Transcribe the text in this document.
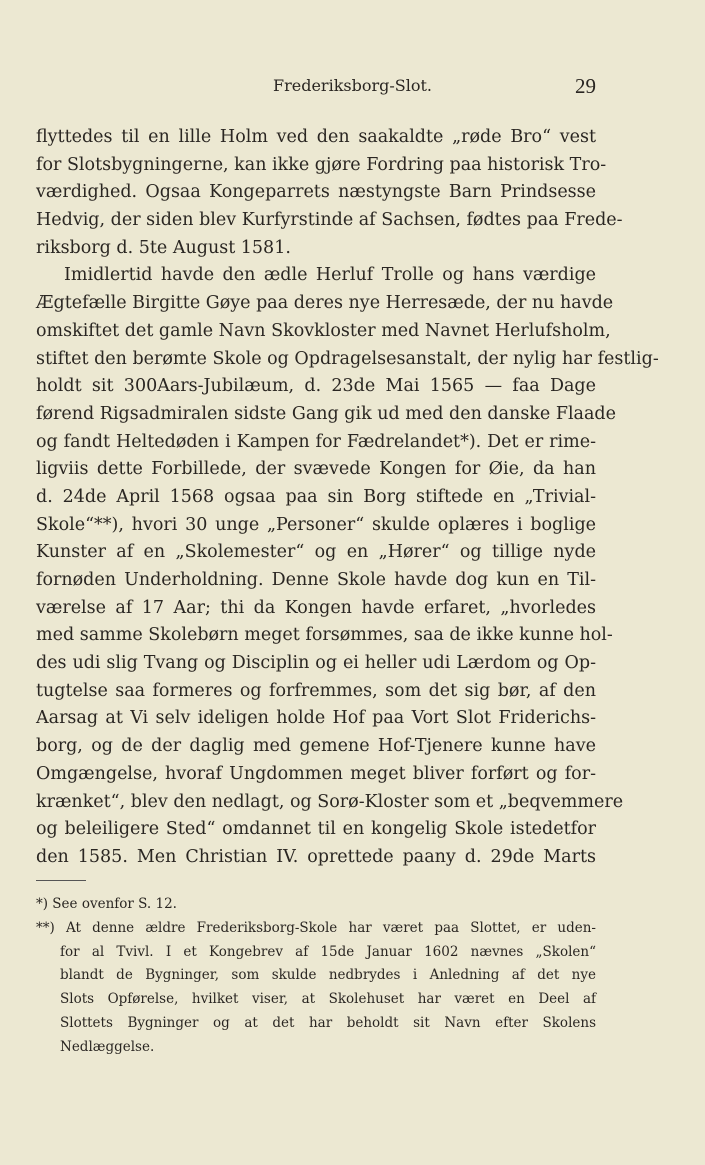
Frederiksborg-Slot.	29
flyttedes til en lille Holm ved den saakaldte „røde Bro“ vest
for Slotsbygningerne, kan ikke gjøre Fordring paa historisk Tro-
værdighed. Ogsaa Kongeparrets næstyngste Barn Prindsesse
Hedvig, der siden blev Kurfyrstinde af Sachsen, fødtes paa Frede-
riksborg d. 5te August 1581.
Imidlertid havde den ædle Herluf Trolle og hans værdige
Ægtefælle Birgitte Gøye paa deres nye Herresæde, der nu havde
omskiftet det gamle Navn Skovkloster med Navnet Herlufsholm,
stiftet den berømte Skole og Opdragelsesanstalt, der nylig har festlig-
holdt sit 300Aars-Jubilæum, d. 23de Mai 1565 — faa Dage
førend Rigsadmiralen sidste Gang gik ud med den danske Flaade
og fandt Heltedøden i Kampen for Fædrelandet*). Det er rime-
ligviis dette Forbillede, der svævede Kongen for Øie, da han
d. 24de April 1568 ogsaa paa sin Borg stiftede en „Trivial-
Skole“**), hvori 30 unge „Personer“ skulde oplæres i boglige
Kunster af en „Skolemester“ og en „Hører“ og tillige nyde
fornøden Underholdning. Denne Skole havde dog kun en Til-
værelse af 17 Aar; thi da Kongen havde erfaret, „hvorledes
med samme Skolebørn meget forsømmes, saa de ikke kunne hol-
des udi slig Tvang og Disciplin og ei heller udi Lærdom og Op-
tugtelse saa formeres og forfremmes, som det sig bør, af den
Aarsag at Vi selv ideligen holde Hof paa Vort Slot Friderichs-
borg, og de der daglig med gemene Hof-Tjenere kunne have
Omgængelse, hvoraf Ungdommen meget bliver forført og for-
krænket“, blev den nedlagt, og Sorø-Kloster som et „beqvemmere
og beleiligere Sted“ omdannet til en kongelig Skole istedetfor
den 1585. Men Christian IV. oprettede paany d. 29de Marts
*) See ovenfor S. 12.
**) At denne ældre Frederiksborg-Skole har været paa Slottet, er uden-
for al Tvivl. I et Kongebrev af 15de Januar 1602 nævnes „Skolen“
blandt de Bygninger, som skulde nedbrydes i Anledning af det nye
Slots Opførelse, hvilket viser, at Skolehuset har været en Deel af
Slottets Bygninger og at det har beholdt sit Navn efter Skolens
Nedlæggelse.
